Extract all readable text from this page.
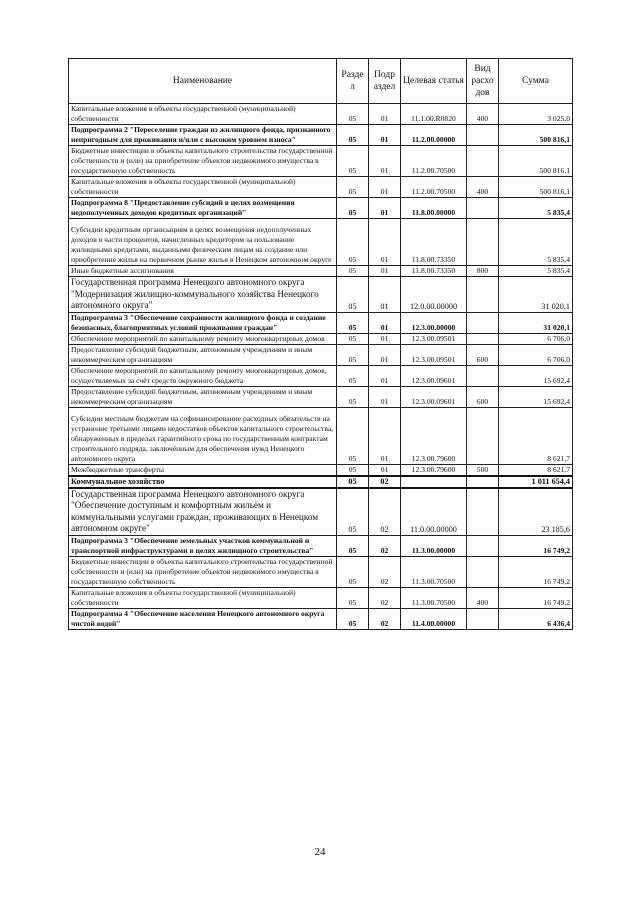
Наименование	Разде л	Подр аздел	Целевая статья	Вид расхо дов	Сумма
Капитальные вложения в объекты государственной (муниципальной) собственности	05	01	11.1.00.R0820	400	3 025,0
Подпрограмма 2 "Переселение граждан из жилищного фонда, признанного непригодным для проживания и/или с высоким уровнем износа"	05	01	11.2.00.00000		500 816,1
Бюджетные инвестиции в объекты капитального строительства государственной собственности и (или) на приобретение объектов недвижимого имущества в государственную собственность	05	01	11.2.00.70500		500 816,1
Капитальные вложения в объекты государственной (муниципальной) собственности	05	01	11.2.00.70500	400	500 816,1
Подпрограмма 8 "Предоставление субсидий в целях возмещения недополученных доходов кредитных организаций"	05	01	11.8.00.00000		5 835,4
Субсидии кредитным организациям в целях возмещения недополученных доходов в части процентов, начисленных кредитором за пользование жилищными кредитами, выданными физическим лицам на создание или приобретение жилья на первичном рынке жилья в Ненецком автономном округе	05	01	11.8.00.73350		5 835,4
Иные бюджетные ассигнования	05	01	11.8.00.73350	800	5 835,4
Государственная программа Ненецкого автономного округа "Модернизация жилищно-коммунального хозяйства Ненецкого автономного округа"	05	01	12.0.00.00000		31 020,1
Подпрограмма 3 "Обеспечение сохранности жилищного фонда и создание безопасных, благоприятных условий проживания граждан"	05	01	12.3.00.00000		31 020,1
Обеспечение мероприятий по капитальному ремонту многоквартирных домов	05	01	12.3.00.09501		6 706,0
Предоставление субсидий бюджетным, автономным учреждениям и иным некоммерческим организациям	05	01	12.3.00.09501	600	6 706,0
Обеспечение мероприятий по капитальному ремонту многоквартирных домов, осуществляемых за счёт средств окружного бюджета	05	01	12.3.00.09601		15 692,4
Предоставление субсидий бюджетным, автономным учреждениям и иным некоммерческим организациям	05	01	12.3.00.09601	600	15 692,4
Субсидии местным бюджетам на софинансирование расходных обязательств на устранение третьими лицами недостатков объектов капитального строительства, обнаруженных в пределах гарантийного срока по государственным контрактам строительного подряда, заключённым для обеспечения нужд Ненецкого автономного округа	05	01	12.3.00.79600		8 621,7
Межбюджетные трансферты	05	01	12.3.00.79600	500	8 621,7
Коммунальное хозяйство	05	02			1 011 654,4
Государственная программа Ненецкого автономного округа "Обеспечение доступным и комфортным жильём и коммунальными услугами граждан, проживающих в Ненецком автономном округе"	05	02	11.0.00.00000		23 185,6
Подпрограмма 3 "Обеспечение земельных участков коммунальной и транспортной инфраструктурами в целях жилищного строительства"	05	02	11.3.00.00000		16 749,2
Бюджетные инвестиции в объекты капитального строительства государственной собственности и (или) на приобретение объектов недвижимого имущества в государственную собственность	05	02	11.3.00.70500		16 749,2
Капитальные вложения в объекты государственной (муниципальной) собственности	05	02	11.3.00.70500	400	16 749,2
Подпрограмма 4 "Обеспечение населения Ненецкого автономного округа чистой водой"	05	02	11.4.00.00000		6 436,4
24
